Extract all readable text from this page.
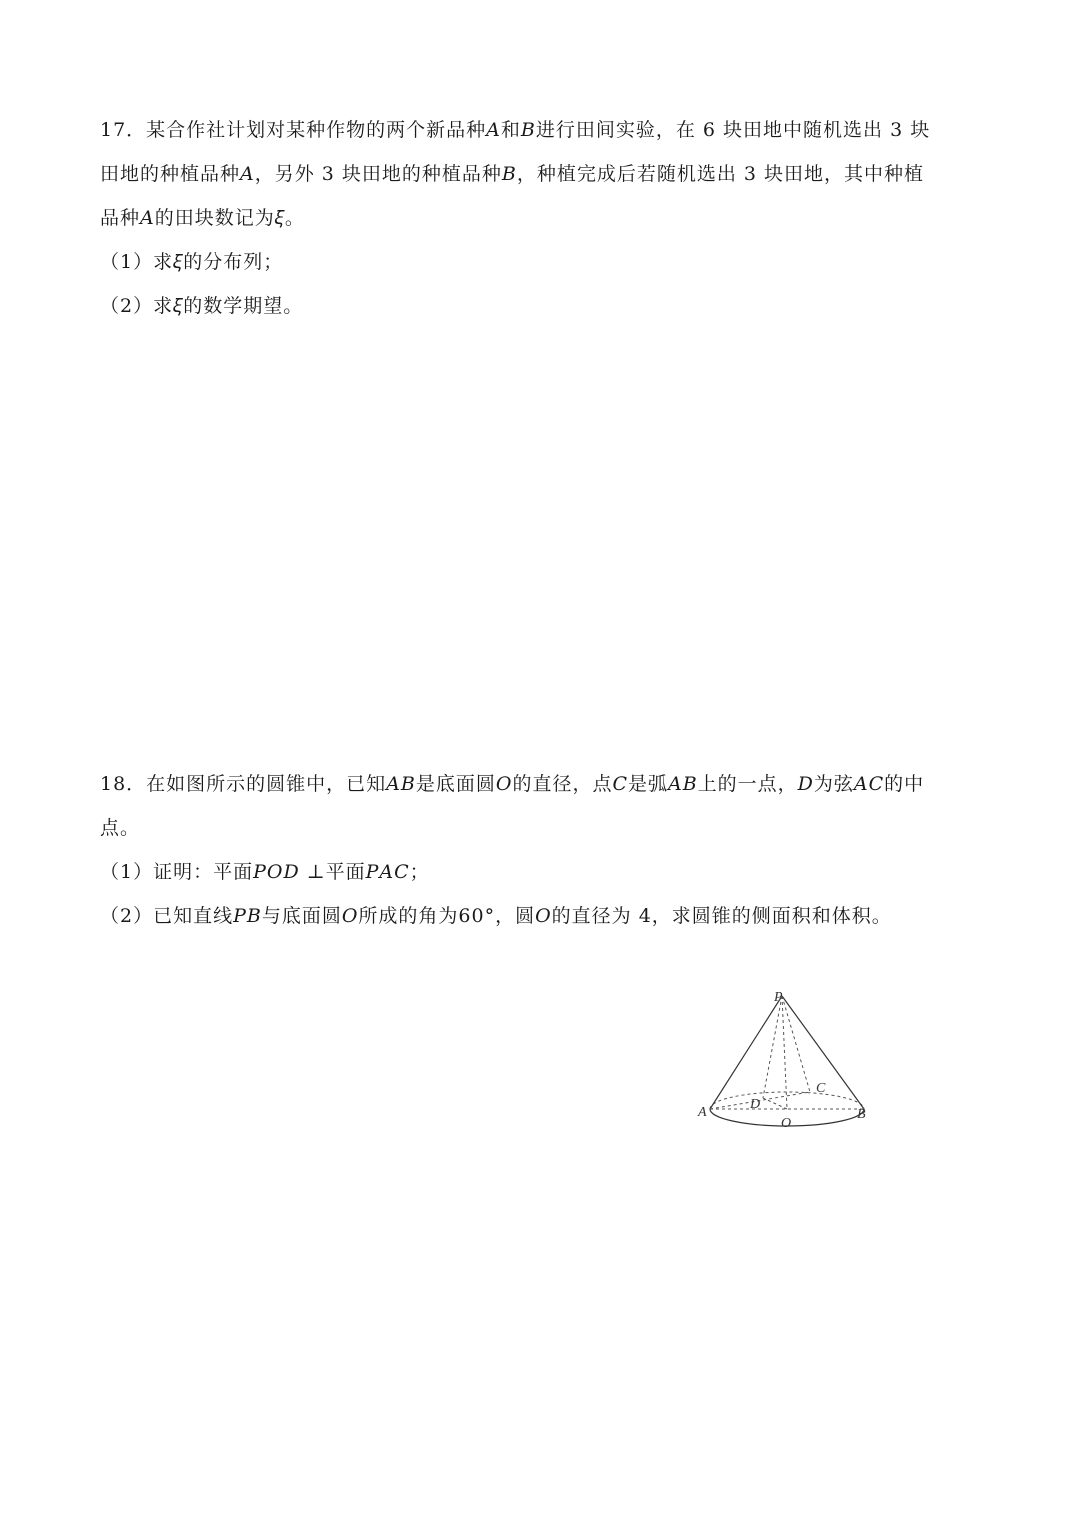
17．某合作社计划对某种作物的两个新品种𝐴和𝐵进行田间实验，在 6 块田地中随机选出 3 块
田地的种植品种𝐴，另外 3 块田地的种植品种𝐵，种植完成后若随机选出 3 块田地，其中种植
品种𝐴的田块数记为𝜉。
（1）求𝜉的分布列；
（2）求𝜉的数学期望。
18．在如图所示的圆锥中，已知𝐴𝐵是底面圆𝑂的直径，点𝐶是弧𝐴𝐵上的一点，𝐷为弦𝐴𝐶的中
点。
（1）证明：平面𝑃𝑂𝐷 ⊥平面𝑃𝐴𝐶；
（2）已知直线𝑃𝐵与底面圆𝑂所成的角为60°，圆𝑂的直径为 4，求圆锥的侧面积和体积。
P
A	B
C
D
O
